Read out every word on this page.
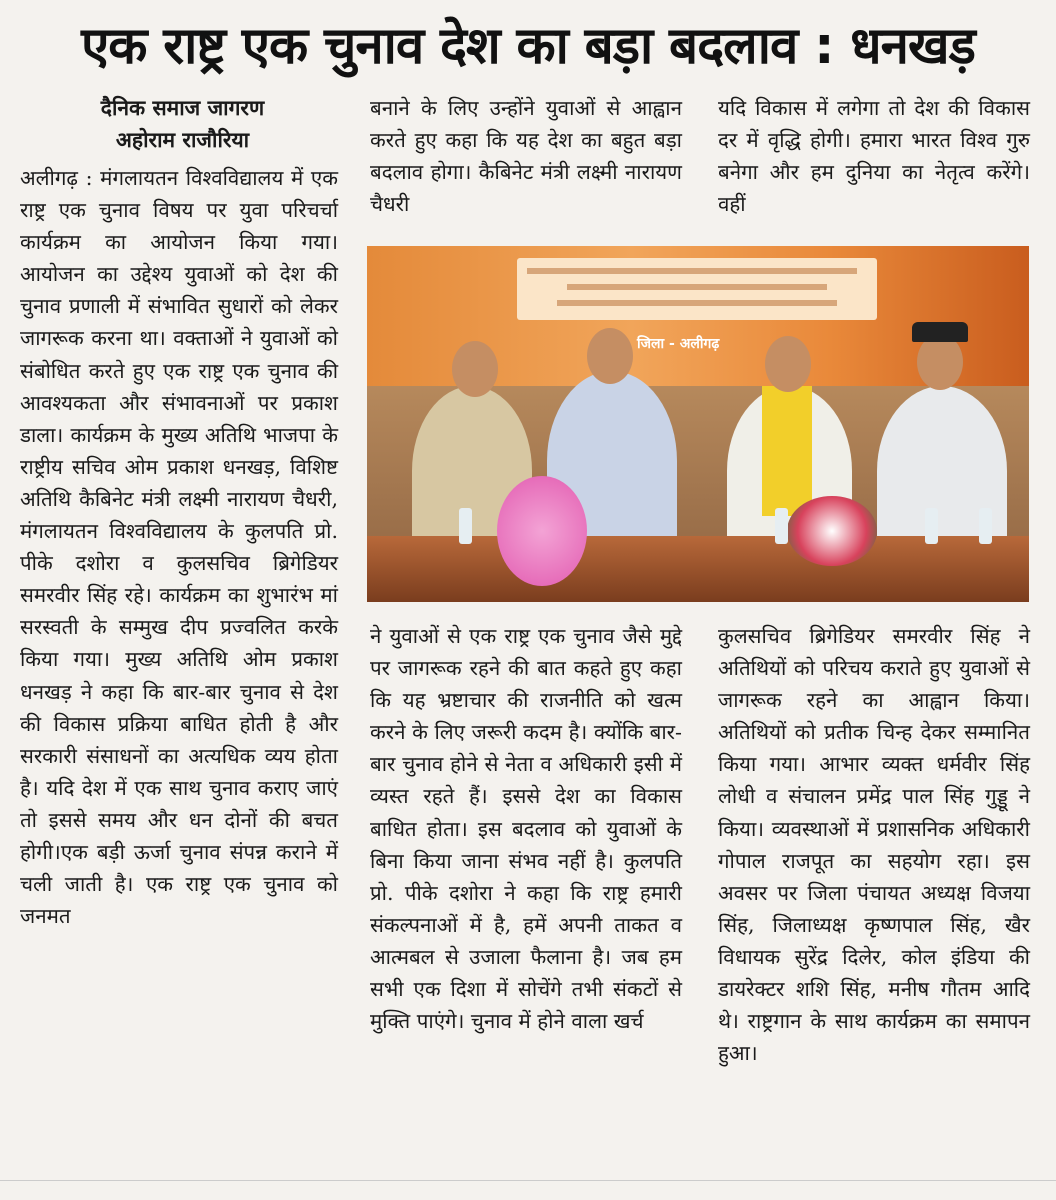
एक राष्ट्र एक चुनाव देश का बड़ा बदलाव : धनखड़
दैनिक समाज जागरण
अहोराम राजौरिया

अलीगढ़ : मंगलायतन विश्वविद्यालय में एक राष्ट्र एक चुनाव विषय पर युवा परिचर्चा कार्यक्रम का आयोजन किया गया। आयोजन का उद्देश्य युवाओं को देश की चुनाव प्रणाली में संभावित सुधारों को लेकर जागरूक करना था। वक्ताओं ने युवाओं को संबोधित करते हुए एक राष्ट्र एक चुनाव की आवश्यकता और संभावनाओं पर प्रकाश डाला। कार्यक्रम के मुख्य अतिथि भाजपा के राष्ट्रीय सचिव ओम प्रकाश धनखड़, विशिष्ट अतिथि कैबिनेट मंत्री लक्ष्मी नारायण चैधरी, मंगलायतन विश्वविद्यालय के कुलपति प्रो. पीके दशोरा व कुलसचिव ब्रिगेडियर समरवीर सिंह रहे। कार्यक्रम का शुभारंभ मां सरस्वती के सम्मुख दीप प्रज्वलित करके किया गया। मुख्य अतिथि ओम प्रकाश धनखड़ ने कहा कि बार-बार चुनाव से देश की विकास प्रक्रिया बाधित होती है और सरकारी संसाधनों का अत्यधिक व्यय होता है। यदि देश में एक साथ चुनाव कराए जाएं तो इससे समय और धन दोनों की बचत होगी।एक बड़ी ऊर्जा चुनाव संपन्न कराने में चली जाती है। एक राष्ट्र एक चुनाव को जनमत

बनाने के लिए उन्होंने युवाओं से आह्वान करते हुए कहा कि यह देश का बहुत बड़ा बदलाव होगा। कैबिनेट मंत्री लक्ष्मी नारायण चैधरी

यदि विकास में लगेगा तो देश की विकास दर में वृद्धि होगी। हमारा भारत विश्व गुरु बनेगा और हम दुनिया का नेतृत्व करेंगे। वहीं

जिला - अलीगढ़

ने युवाओं से एक राष्ट्र एक चुनाव जैसे मुद्दे पर जागरूक रहने की बात कहते हुए कहा कि यह भ्रष्टाचार की राजनीति को खत्म करने के लिए जरूरी कदम है। क्योंकि बार-बार चुनाव होने से नेता व अधिकारी इसी में व्यस्त रहते हैं। इससे देश का विकास बाधित होता। इस बदलाव को युवाओं के बिना किया जाना संभव नहीं है। कुलपति प्रो. पीके दशोरा ने कहा कि राष्ट्र हमारी संकल्पनाओं में है, हमें अपनी ताकत व आत्मबल से उजाला फैलाना है। जब हम सभी एक दिशा में सोचेंगे तभी संकटों से मुक्ति पाएंगे। चुनाव में होने वाला खर्च

कुलसचिव ब्रिगेडियर समरवीर सिंह ने अतिथियों को परिचय कराते हुए युवाओं से जागरूक रहने का आह्वान किया। अतिथियों को प्रतीक चिन्ह देकर सम्मानित किया गया। आभार व्यक्त धर्मवीर सिंह लोधी व संचालन प्रमेंद्र पाल सिंह गुड्डू ने किया। व्यवस्थाओं में प्रशासनिक अधिकारी गोपाल राजपूत का सहयोग रहा। इस अवसर पर जिला पंचायत अध्यक्ष विजया सिंह, जिलाध्यक्ष कृष्णपाल सिंह, खैर विधायक सुरेंद्र दिलेर, कोल इंडिया की डायरेक्टर शशि सिंह, मनीष गौतम आदि थे। राष्ट्रगान के साथ कार्यक्रम का समापन हुआ।
